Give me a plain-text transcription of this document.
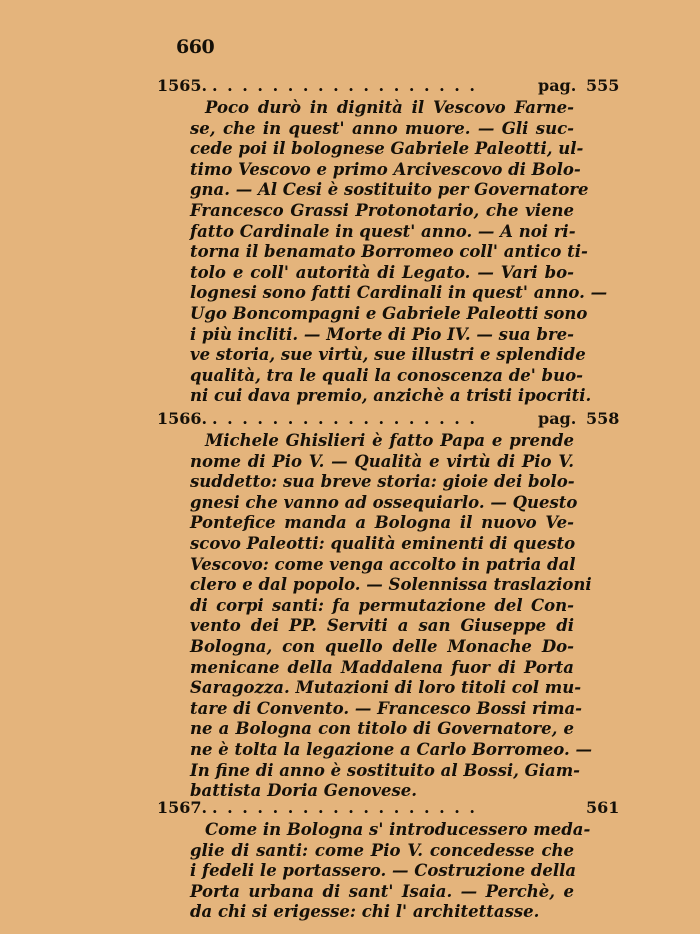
660
1565. . . . . . . . . . . . . . . . . . .	pag. 555
Poco durò in dignità il Vescovo Farne-
se, che in quest' anno muore. — Gli suc-
cede poi il bolognese Gabriele Paleotti, ul-
timo Vescovo e primo Arcivescovo di Bolo-
gna. — Al Cesi è sostituito per Governatore
Francesco Grassi Protonotario, che viene
fatto Cardinale in quest' anno. — A noi ri-
torna il benamato Borromeo coll' antico ti-
tolo e coll' autorità di Legato. — Vari bo-
lognesi sono fatti Cardinali in quest' anno. —
Ugo Boncompagni e Gabriele Paleotti sono
i più incliti. — Morte di Pio IV. — sua bre-
ve storia, sue virtù, sue illustri e splendide
qualità, tra le quali la conoscenza de' buo-
ni cui dava premio, anzichè a tristi ipocriti.
1566. . . . . . . . . . . . . . . . . . .	pag. 558
Michele Ghislieri è fatto Papa e prende
nome di Pio V. — Qualità e virtù di Pio V.
suddetto: sua breve storia: gioie dei bolo-
gnesi che vanno ad ossequiarlo. — Questo
Pontefice manda a Bologna il nuovo Ve-
scovo Paleotti: qualità eminenti di questo
Vescovo: come venga accolto in patria dal
clero e dal popolo. — Solennissa traslazioni
di corpi santi: fa permutazione del Con-
vento dei PP. Serviti a san Giuseppe di
Bologna, con quello delle Monache Do-
menicane della Maddalena fuor di Porta
Saragozza. Mutazioni di loro titoli col mu-
tare di Convento. — Francesco Bossi rima-
ne a Bologna con titolo di Governatore, e
ne è tolta la legazione a Carlo Borromeo. —
In fine di anno è sostituito al Bossi, Giam-
battista Doria Genovese.
1567. . . . . . . . . . . . . . . . . . .	561
Come in Bologna s' introducessero meda-
glie di santi: come Pio V. concedesse che
i fedeli le portassero. — Costruzione della
Porta urbana di sant' Isaia. — Perchè, e
da chi si erigesse: chi l' architettasse.
